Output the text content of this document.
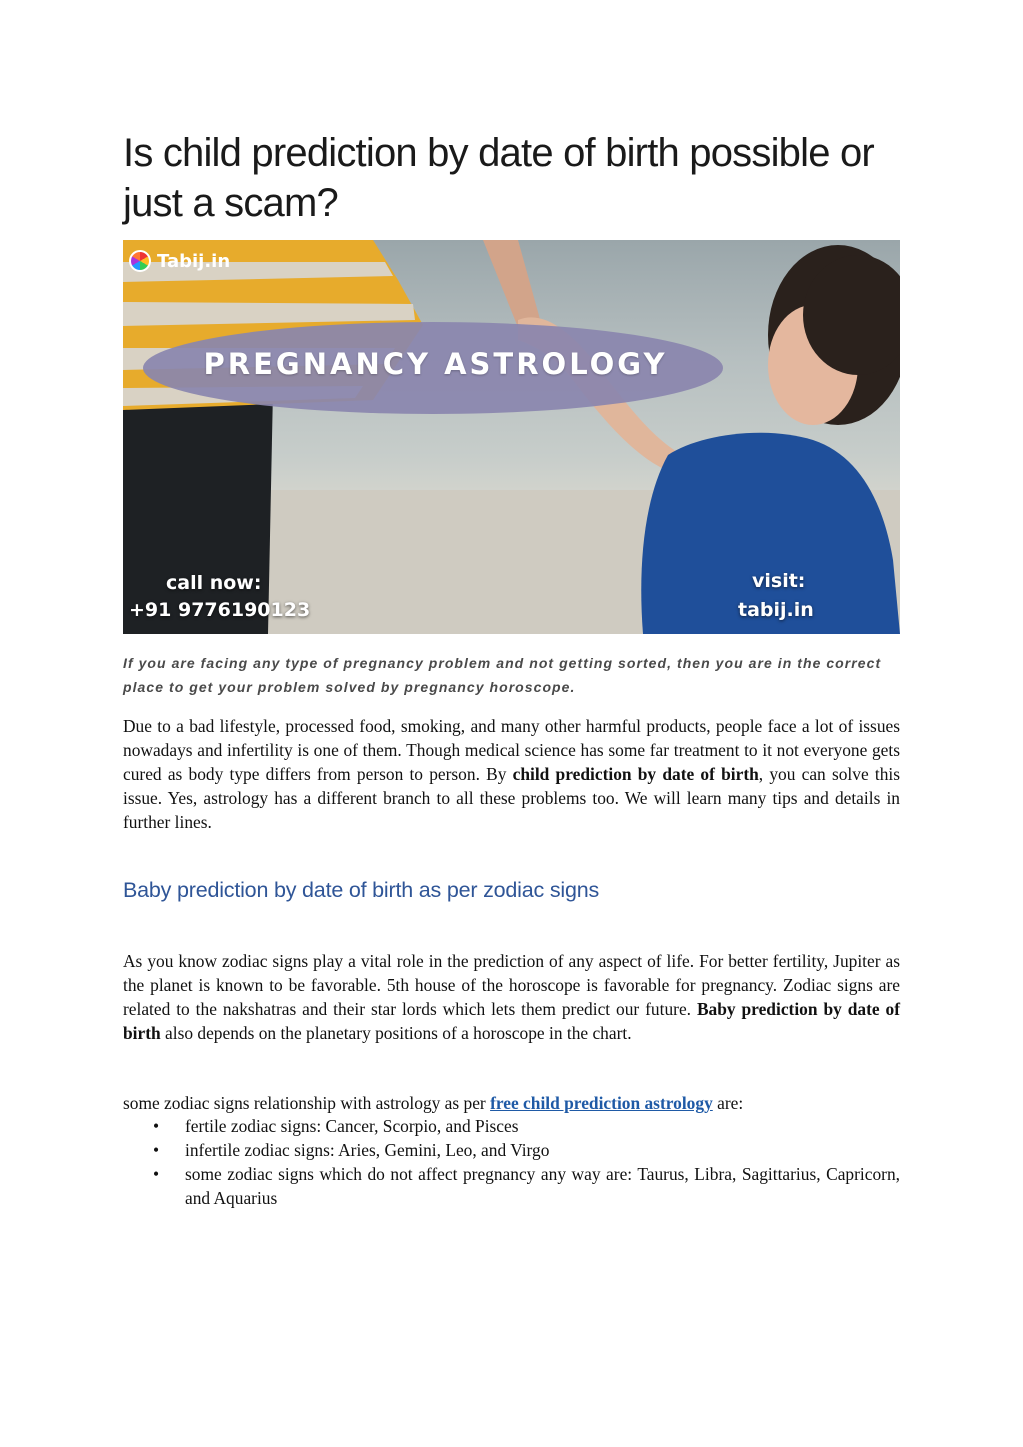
Is child prediction by date of birth possible or just a scam?
Tabij.in
PREGNANCY ASTROLOGY
call now:
+91 9776190123
visit:
tabij.in

If you are facing any type of pregnancy problem and not getting sorted, then you are in the correct place to get your problem solved by pregnancy horoscope.

Due to a bad lifestyle, processed food, smoking, and many other harmful products, people face a lot of issues nowadays and infertility is one of them. Though medical science has some far treatment to it not everyone gets cured as body type differs from person to person. By child prediction by date of birth, you can solve this issue. Yes, astrology has a different branch to all these problems too. We will learn many tips and details in further lines.

Baby prediction by date of birth as per zodiac signs

As you know zodiac signs play a vital role in the prediction of any aspect of life. For better fertility, Jupiter as the planet is known to be favorable. 5th house of the horoscope is favorable for pregnancy. Zodiac signs are related to the nakshatras and their star lords which lets them predict our future. Baby prediction by date of birth also depends on the planetary positions of a horoscope in the chart.

some zodiac signs relationship with astrology as per free child prediction astrology are:

• fertile zodiac signs: Cancer, Scorpio, and Pisces
• infertile zodiac signs: Aries, Gemini, Leo, and Virgo
• some zodiac signs which do not affect pregnancy any way are: Taurus, Libra, Sagittarius, Capricorn, and Aquarius
